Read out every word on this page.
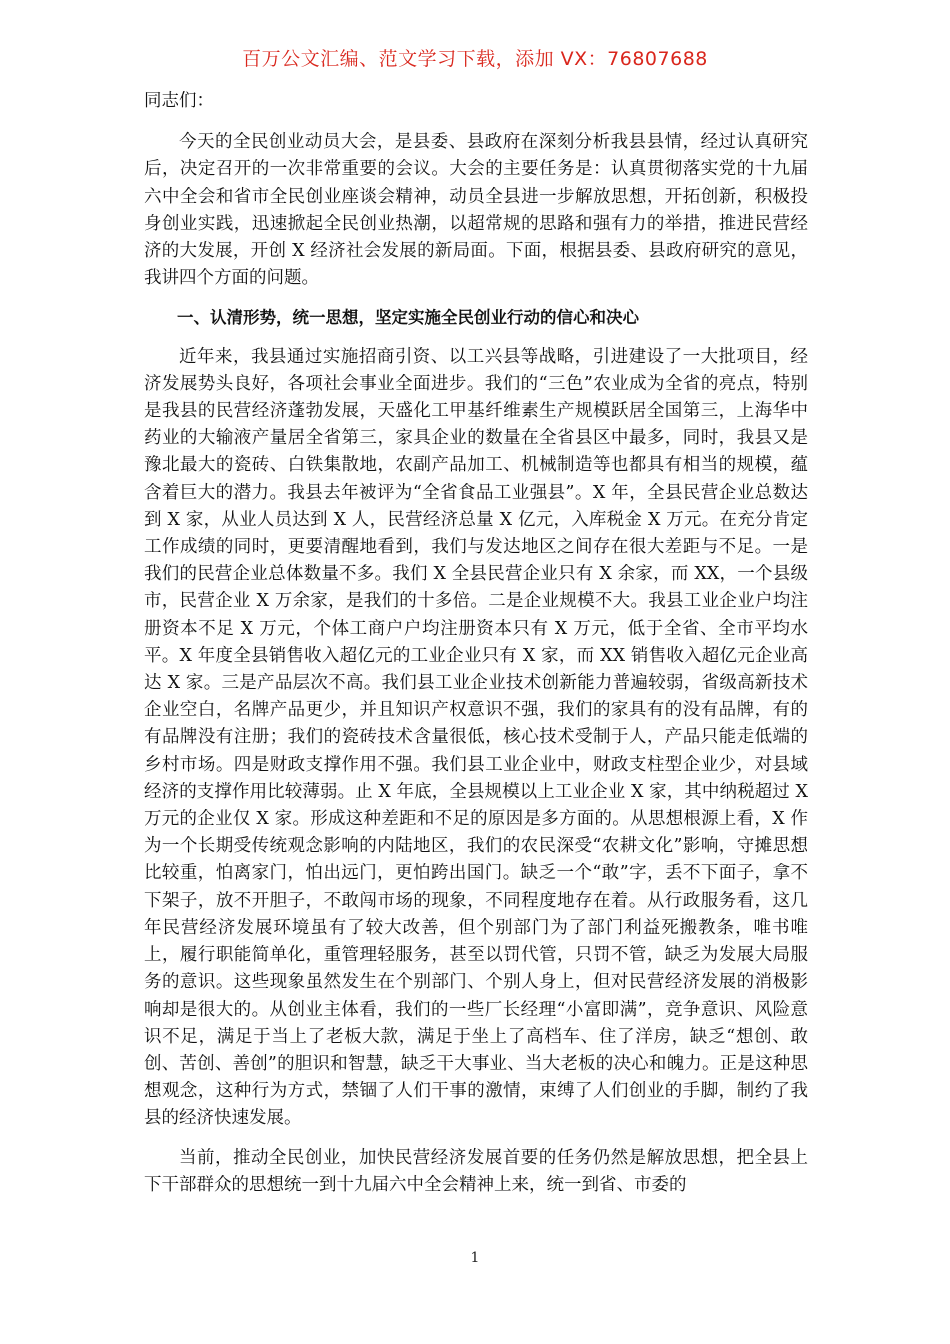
百万公文汇编、范文学习下载，添加 VX：76807688

同志们：

今天的全民创业动员大会，是县委、县政府在深刻分析我县县情，经过认真研究后，决定召开的一次非常重要的会议。大会的主要任务是：认真贯彻落实党的十九届六中全会和省市全民创业座谈会精神，动员全县进一步解放思想，开拓创新，积极投身创业实践，迅速掀起全民创业热潮，以超常规的思路和强有力的举措，推进民营经济的大发展，开创 X 经济社会发展的新局面。下面，根据县委、县政府研究的意见，我讲四个方面的问题。

一、认清形势，统一思想，坚定实施全民创业行动的信心和决心

近年来，我县通过实施招商引资、以工兴县等战略，引进建设了一大批项目，经济发展势头良好，各项社会事业全面进步。我们的“三色”农业成为全省的亮点，特别是我县的民营经济蓬勃发展，天盛化工甲基纤维素生产规模跃居全国第三，上海华中药业的大输液产量居全省第三，家具企业的数量在全省县区中最多，同时，我县又是豫北最大的瓷砖、白铁集散地，农副产品加工、机械制造等也都具有相当的规模，蕴含着巨大的潜力。我县去年被评为“全省食品工业强县”。X 年，全县民营企业总数达到 X 家，从业人员达到 X 人，民营经济总量 X 亿元，入库税金 X 万元。在充分肯定工作成绩的同时，更要清醒地看到，我们与发达地区之间存在很大差距与不足。一是我们的民营企业总体数量不多。我们 X 全县民营企业只有 X 余家，而 XX，一个县级市，民营企业 X 万余家，是我们的十多倍。二是企业规模不大。我县工业企业户均注册资本不足 X 万元，个体工商户户均注册资本只有 X 万元，低于全省、全市平均水平。X 年度全县销售收入超亿元的工业企业只有 X 家，而 XX 销售收入超亿元企业高达 X 家。三是产品层次不高。我们县工业企业技术创新能力普遍较弱，省级高新技术企业空白，名牌产品更少，并且知识产权意识不强，我们的家具有的没有品牌，有的有品牌没有注册；我们的瓷砖技术含量很低，核心技术受制于人，产品只能走低端的乡村市场。四是财政支撑作用不强。我们县工业企业中，财政支柱型企业少，对县域经济的支撑作用比较薄弱。止 X 年底，全县规模以上工业企业 X 家，其中纳税超过 X 万元的企业仅 X 家。形成这种差距和不足的原因是多方面的。从思想根源上看，X 作为一个长期受传统观念影响的内陆地区，我们的农民深受“农耕文化”影响，守摊思想比较重，怕离家门，怕出远门，更怕跨出国门。缺乏一个“敢”字，丢不下面子，拿不下架子，放不开胆子，不敢闯市场的现象，不同程度地存在着。从行政服务看，这几年民营经济发展环境虽有了较大改善，但个别部门为了部门利益死搬教条，唯书唯上，履行职能简单化，重管理轻服务，甚至以罚代管，只罚不管，缺乏为发展大局服务的意识。这些现象虽然发生在个别部门、个别人身上，但对民营经济发展的消极影响却是很大的。从创业主体看，我们的一些厂长经理“小富即满”，竞争意识、风险意识不足，满足于当上了老板大款，满足于坐上了高档车、住了洋房，缺乏“想创、敢创、苦创、善创”的胆识和智慧，缺乏干大事业、当大老板的决心和魄力。正是这种思想观念，这种行为方式，禁锢了人们干事的激情，束缚了人们创业的手脚，制约了我县的经济快速发展。

当前，推动全民创业，加快民营经济发展首要的任务仍然是解放思想，把全县上下干部群众的思想统一到十九届六中全会精神上来，统一到省、市委的

1
